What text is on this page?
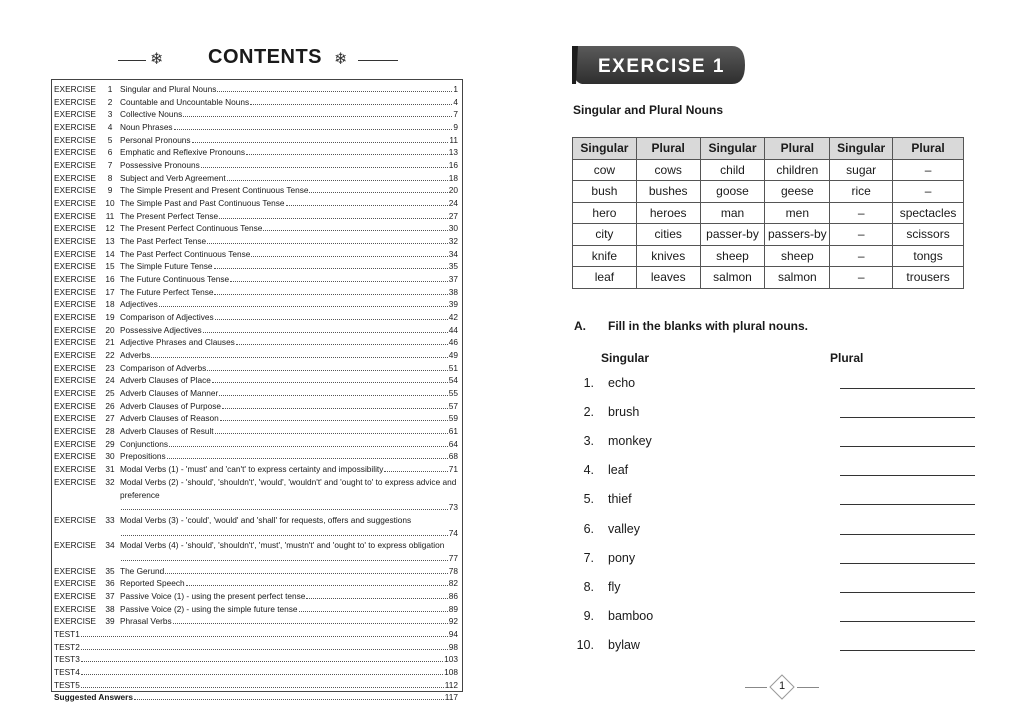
❄ CONTENTS ❄
EXERCISE	1 Singular and Plural Nouns	1
EXERCISE	2 Countable and Uncountable Nouns	4
EXERCISE	3 Collective Nouns	7
EXERCISE	4 Noun Phrases	9
EXERCISE	5 Personal Pronouns	11
EXERCISE	6 Emphatic and Reflexive Pronouns	13
EXERCISE	7 Possessive Pronouns	16
EXERCISE	8 Subject and Verb Agreement	18
EXERCISE	9 The Simple Present and Present Continuous Tense	20
EXERCISE	10 The Simple Past and Past Continuous Tense	24
EXERCISE	11 The Present Perfect Tense	27
EXERCISE	12 The Present Perfect Continuous Tense	30
EXERCISE	13 The Past Perfect Tense	32
EXERCISE	14 The Past Perfect Continuous Tense	34
EXERCISE	15 The Simple Future Tense	35
EXERCISE	16 The Future Continuous Tense	37
EXERCISE	17 The Future Perfect Tense	38
EXERCISE	18 Adjectives	39
EXERCISE	19 Comparison of Adjectives	42
EXERCISE	20 Possessive Adjectives	44
EXERCISE	21 Adjective Phrases and Clauses	46
EXERCISE	22 Adverbs	49
EXERCISE	23 Comparison of Adverbs	51
EXERCISE	24 Adverb Clauses of Place	54
EXERCISE	25 Adverb Clauses of Manner	55
EXERCISE	26 Adverb Clauses of Purpose	57
EXERCISE	27 Adverb Clauses of Reason	59
EXERCISE	28 Adverb Clauses of Result	61
EXERCISE	29 Conjunctions	64
EXERCISE	30 Prepositions	68
EXERCISE	31 Modal Verbs (1) - 'must' and 'can't' to express certainty and impossibility	71
EXERCISE	32 Modal Verbs (2) - 'should', 'shouldn't', 'would', 'wouldn't' and 'ought to' to express advice and preference
73
EXERCISE	33 Modal Verbs (3) - 'could', 'would' and 'shall' for requests, offers and suggestions
74
EXERCISE	34 Modal Verbs (4) - 'should', 'shouldn't', 'must', 'mustn't' and 'ought to' to express obligation
77
EXERCISE	35 The Gerund	78
EXERCISE	36 Reported Speech	82
EXERCISE	37 Passive Voice (1) - using the present perfect tense	86
EXERCISE	38 Passive Voice (2) - using the simple future tense	89
EXERCISE	39 Phrasal Verbs	92
TEST 1	94
TEST 2	98
TEST 3	103
TEST 4	108
TEST 5	112
Suggested Answers	117
EXERCISE 1
Singular and Plural Nouns
Singular	Plural	Singular	Plural	Singular	Plural
cow	cows	child	children	sugar	–
bush	bushes	goose	geese	rice	–
hero	heroes	man	men	–	spectacles
city	cities	passer-by	passers-by	–	scissors
knife	knives	sheep	sheep	–	tongs
leaf	leaves	salmon	salmon	–	trousers
A. Fill in the blanks with plural nouns.
Singular	Plural
1. echo
2. brush
3. monkey
4. leaf
5. thief
6. valley
7. pony
8. fly
9. bamboo
10. bylaw
1
